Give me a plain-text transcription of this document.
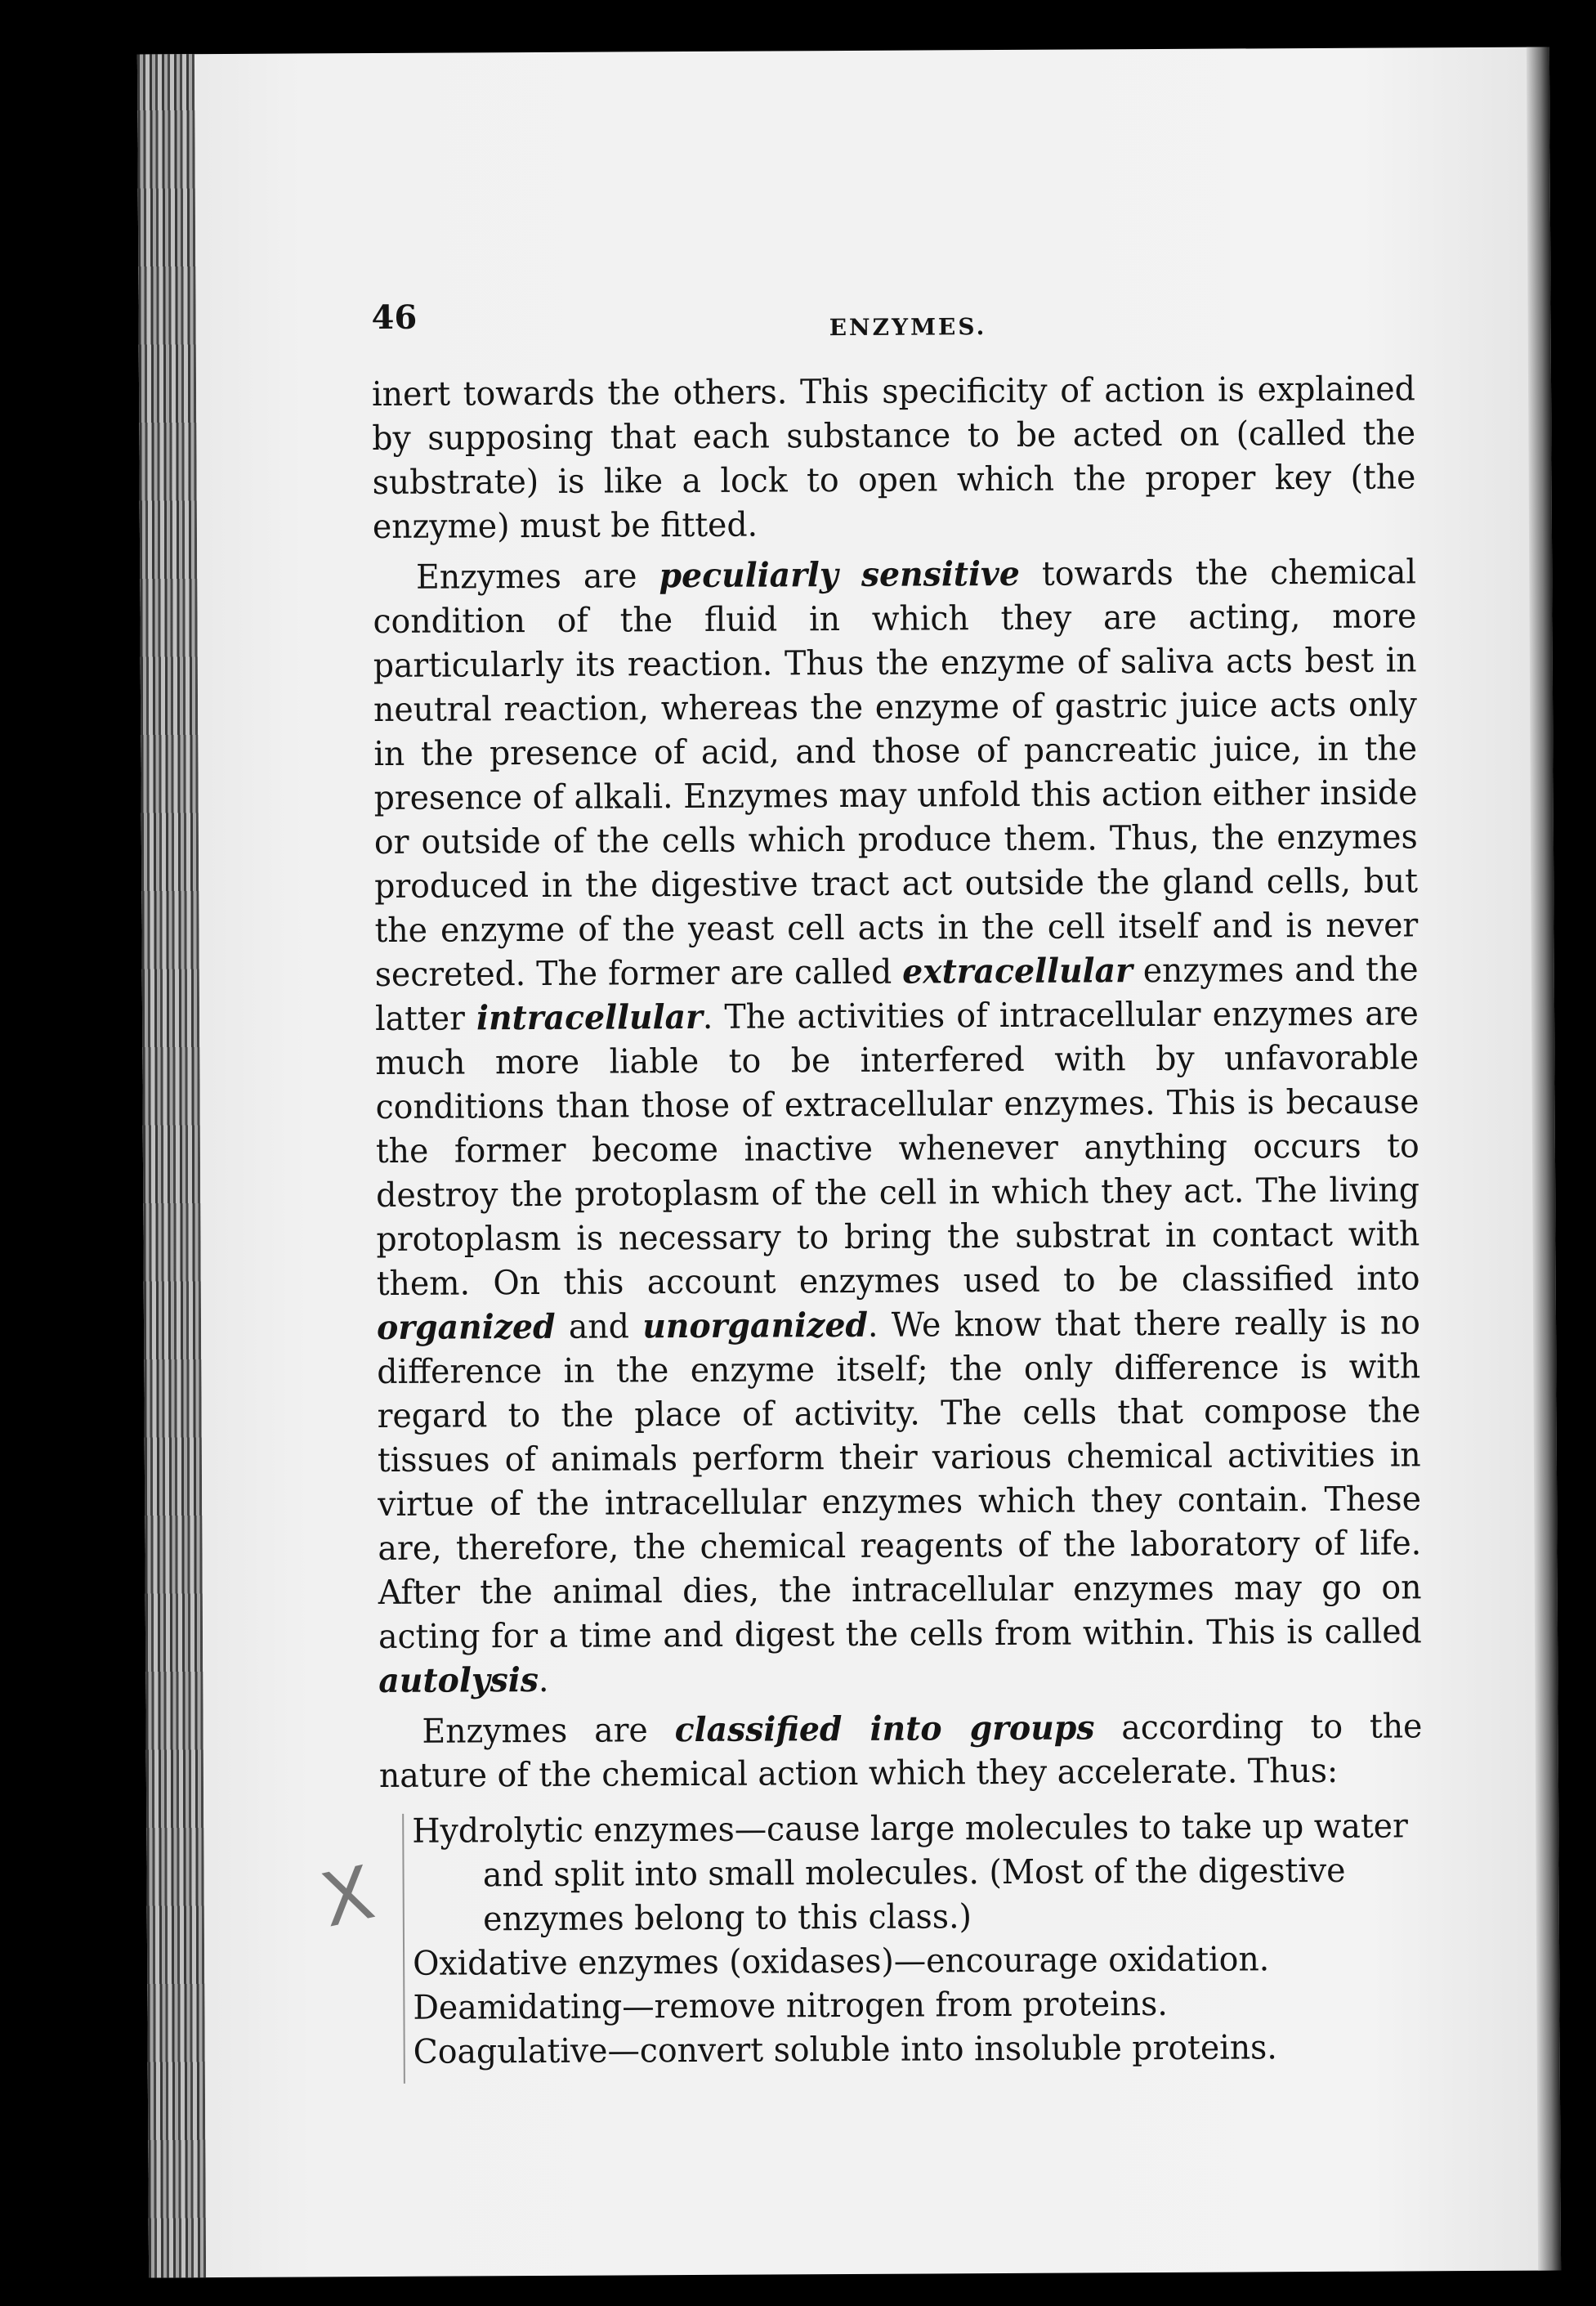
46	ENZYMES.

inert towards the others. This specificity of action is explained by supposing that each substance to be acted on (called the substrate) is like a lock to open which the proper key (the enzyme) must be fitted.

Enzymes are peculiarly sensitive towards the chemical condition of the fluid in which they are acting, more particularly its reaction. Thus the enzyme of saliva acts best in neutral reaction, whereas the enzyme of gastric juice acts only in the presence of acid, and those of pancreatic juice, in the presence of alkali. Enzymes may unfold this action either inside or outside of the cells which produce them. Thus, the enzymes produced in the digestive tract act outside the gland cells, but the enzyme of the yeast cell acts in the cell itself and is never secreted. The former are called extracellular enzymes and the latter intracellular. The activities of intracellular enzymes are much more liable to be interfered with by unfavorable conditions than those of extracellular enzymes. This is because the former become inactive whenever anything occurs to destroy the protoplasm of the cell in which they act. The living protoplasm is necessary to bring the substrat in contact with them. On this account enzymes used to be classified into organized and unorganized. We know that there really is no difference in the enzyme itself; the only difference is with regard to the place of activity. The cells that compose the tissues of animals perform their various chemical activities in virtue of the intracellular enzymes which they contain. These are, therefore, the chemical reagents of the laboratory of life. After the animal dies, the intracellular enzymes may go on acting for a time and digest the cells from within. This is called autolysis.

Enzymes are classified into groups according to the nature of the chemical action which they accelerate. Thus:

X

Hydrolytic enzymes—cause large molecules to take up water and split into small molecules. (Most of the digestive enzymes belong to this class.)

Oxidative enzymes (oxidases)—encourage oxidation.

Deamidating—remove nitrogen from proteins.

Coagulative—convert soluble into insoluble proteins.
